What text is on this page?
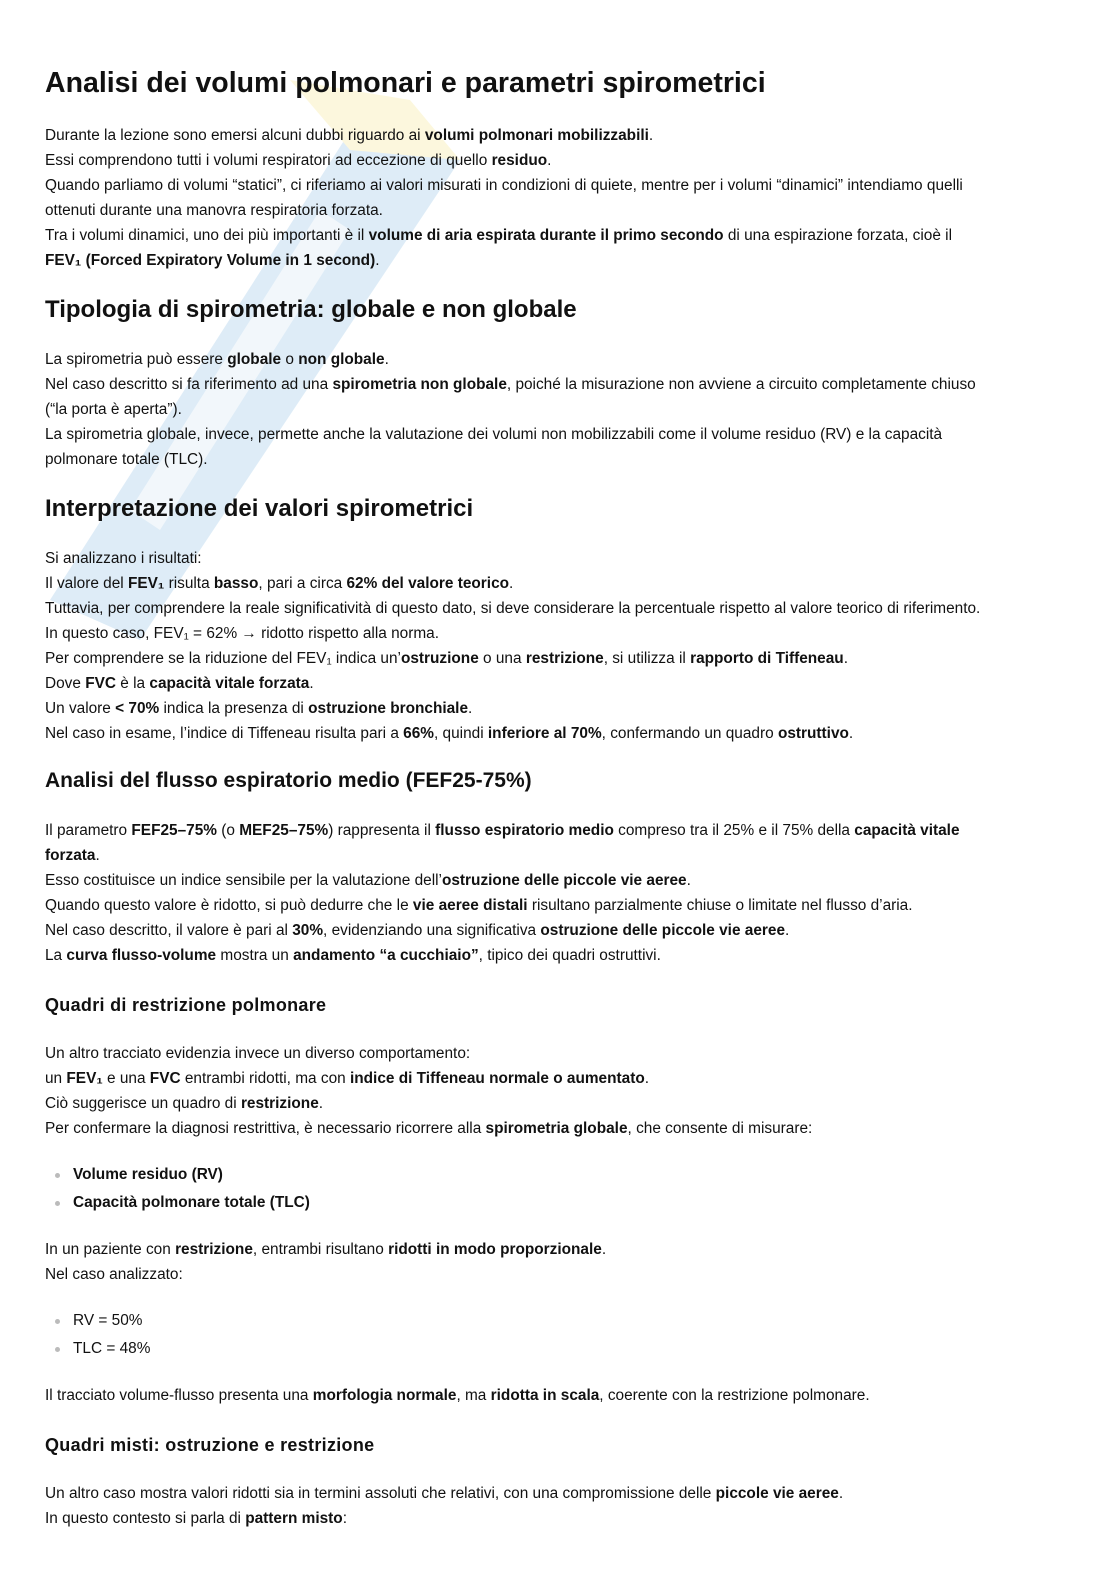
Analisi dei volumi polmonari e parametri spirometrici
Durante la lezione sono emersi alcuni dubbi riguardo ai volumi polmonari mobilizzabili.
Essi comprendono tutti i volumi respiratori ad eccezione di quello residuo.
Quando parliamo di volumi “statici”, ci riferiamo ai valori misurati in condizioni di quiete, mentre per i volumi “dinamici” intendiamo quelli
ottenuti durante una manovra respiratoria forzata.
Tra i volumi dinamici, uno dei più importanti è il volume di aria espirata durante il primo secondo di una espirazione forzata, cioè il
FEV₁ (Forced Expiratory Volume in 1 second).
Tipologia di spirometria: globale e non globale
La spirometria può essere globale o non globale.
Nel caso descritto si fa riferimento ad una spirometria non globale, poiché la misurazione non avviene a circuito completamente chiuso
(“la porta è aperta”).
La spirometria globale, invece, permette anche la valutazione dei volumi non mobilizzabili come il volume residuo (RV) e la capacità
polmonare totale (TLC).
Interpretazione dei valori spirometrici
Si analizzano i risultati:
Il valore del FEV₁ risulta basso, pari a circa 62% del valore teorico.
Tuttavia, per comprendere la reale significatività di questo dato, si deve considerare la percentuale rispetto al valore teorico di riferimento.
In questo caso, FEV₁ = 62% → ridotto rispetto alla norma.
Per comprendere se la riduzione del FEV₁ indica un’ostruzione o una restrizione, si utilizza il rapporto di Tiffeneau.
Dove FVC è la capacità vitale forzata.
Un valore < 70% indica la presenza di ostruzione bronchiale.
Nel caso in esame, l’indice di Tiffeneau risulta pari a 66%, quindi inferiore al 70%, confermando un quadro ostruttivo.
Analisi del flusso espiratorio medio (FEF25-75%)
Il parametro FEF25–75% (o MEF25–75%) rappresenta il flusso espiratorio medio compreso tra il 25% e il 75% della capacità vitale
forzata.
Esso costituisce un indice sensibile per la valutazione dell’ostruzione delle piccole vie aeree.
Quando questo valore è ridotto, si può dedurre che le vie aeree distali risultano parzialmente chiuse o limitate nel flusso d’aria.
Nel caso descritto, il valore è pari al 30%, evidenziando una significativa ostruzione delle piccole vie aeree.
La curva flusso-volume mostra un andamento “a cucchiaio”, tipico dei quadri ostruttivi.
Quadri di restrizione polmonare
Un altro tracciato evidenzia invece un diverso comportamento:
un FEV₁ e una FVC entrambi ridotti, ma con indice di Tiffeneau normale o aumentato.
Ciò suggerisce un quadro di restrizione.
Per confermare la diagnosi restrittiva, è necessario ricorrere alla spirometria globale, che consente di misurare:
Volume residuo (RV)
Capacità polmonare totale (TLC)
In un paziente con restrizione, entrambi risultano ridotti in modo proporzionale.
Nel caso analizzato:
RV = 50%
TLC = 48%
Il tracciato volume-flusso presenta una morfologia normale, ma ridotta in scala, coerente con la restrizione polmonare.
Quadri misti: ostruzione e restrizione
Un altro caso mostra valori ridotti sia in termini assoluti che relativi, con una compromissione delle piccole vie aeree.
In questo contesto si parla di pattern misto:
